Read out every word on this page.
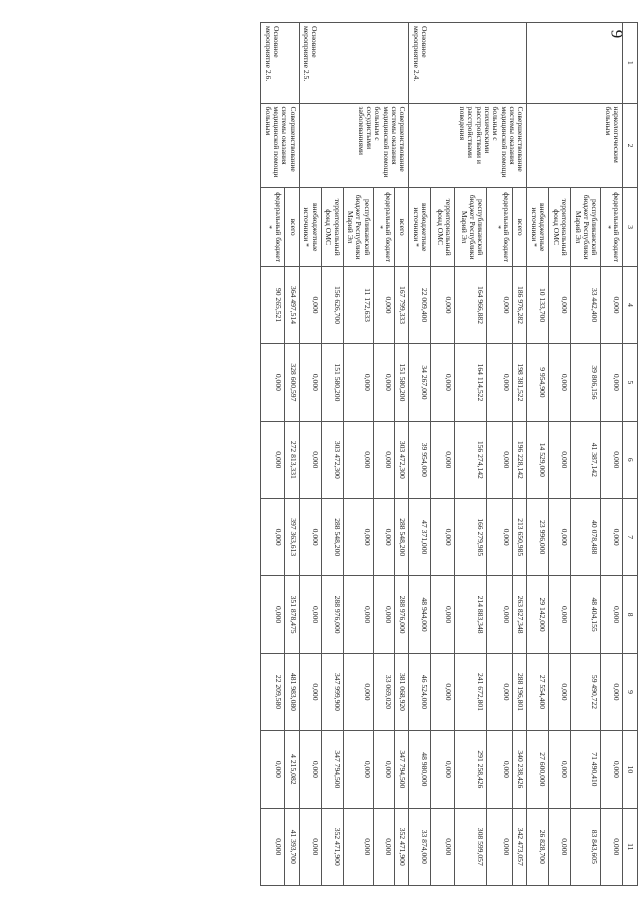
9
1	2	3	4	5	6	7	8	9	10	11
	наркологическим больным	федеральный бюджет *	0,000	0,000	0,000	0,000	0,000	0,000	0,000	0,000
		республиканский бюджет Республики Марий Эл	33 442,400	39 806,156	41 387,142	40 078,488	48 404,155	59 490,722	71 490,410	83 843,605
		территориальный фонд ОМС	0,000	0,000	0,000	0,000	0,000	0,000	0,000	0,000
		внебюджетные источники *	10 133,700	9 954,900	14 529,000	23 996,000	29 142,000	27 554,400	27 600,000	26 828,700
Основное мероприятие 2.4.	Совершенствование системы оказания медицинской помощи больным с психическими расстройствами и расстройствами поведения	всего	186 976,282	198 381,522	196 228,142	213 650,985	263 827,348	288 196,801	340 238,426	342 473,057
		федеральный бюджет *	0,000	0,000	0,000	0,000	0,000	0,000	0,000	0,000
		республиканский бюджет Республики Марий Эл	164 966,882	164 114,522	156 274,142	166 279,985	214 883,348	241 672,801	291 258,426	308 599,057
		территориальный фонд ОМС	0,000	0,000	0,000	0,000	0,000	0,000	0,000	0,000
		внебюджетные источники *	22 009,400	34 267,000	39 954,000	47 371,000	48 944,000	46 524,000	48 980,000	33 874,000
Основное мероприятие 2.5.	Совершенствование системы оказания медицинской помощи больным с сосудистыми заболеваниями	всего	167 799,333	151 580,200	303 472,300	288 548,200	288 976,000	381 068,920	347 794,500	352 471,900
		федеральный бюджет *	0,000	0,000	0,000	0,000	0,000	33 069,020	0,000	0,000
		республиканский бюджет Республики Марий Эл	11 172,633	0,000	0,000	0,000	0,000	0,000	0,000	0,000
		территориальный фонд ОМС	156 626,700	151 580,200	303 472,300	288 548,200	288 976,000	347 999,900	347 794,500	352 471,900
		внебюджетные источники *	0,000	0,000	0,000	0,000	0,000	0,000	0,000	0,000
Основное мероприятие 2.6.	Совершенствование системы оказания медицинской помощи больным	всего	364 497,514	328 600,597	272 813,331	397 363,613	351 878,475	481 983,080	4 215,082	41 393,700
		федеральный бюджет *	90 265,521	0,000	0,000	0,000	0,000	22 209,580	0,000	0,000
